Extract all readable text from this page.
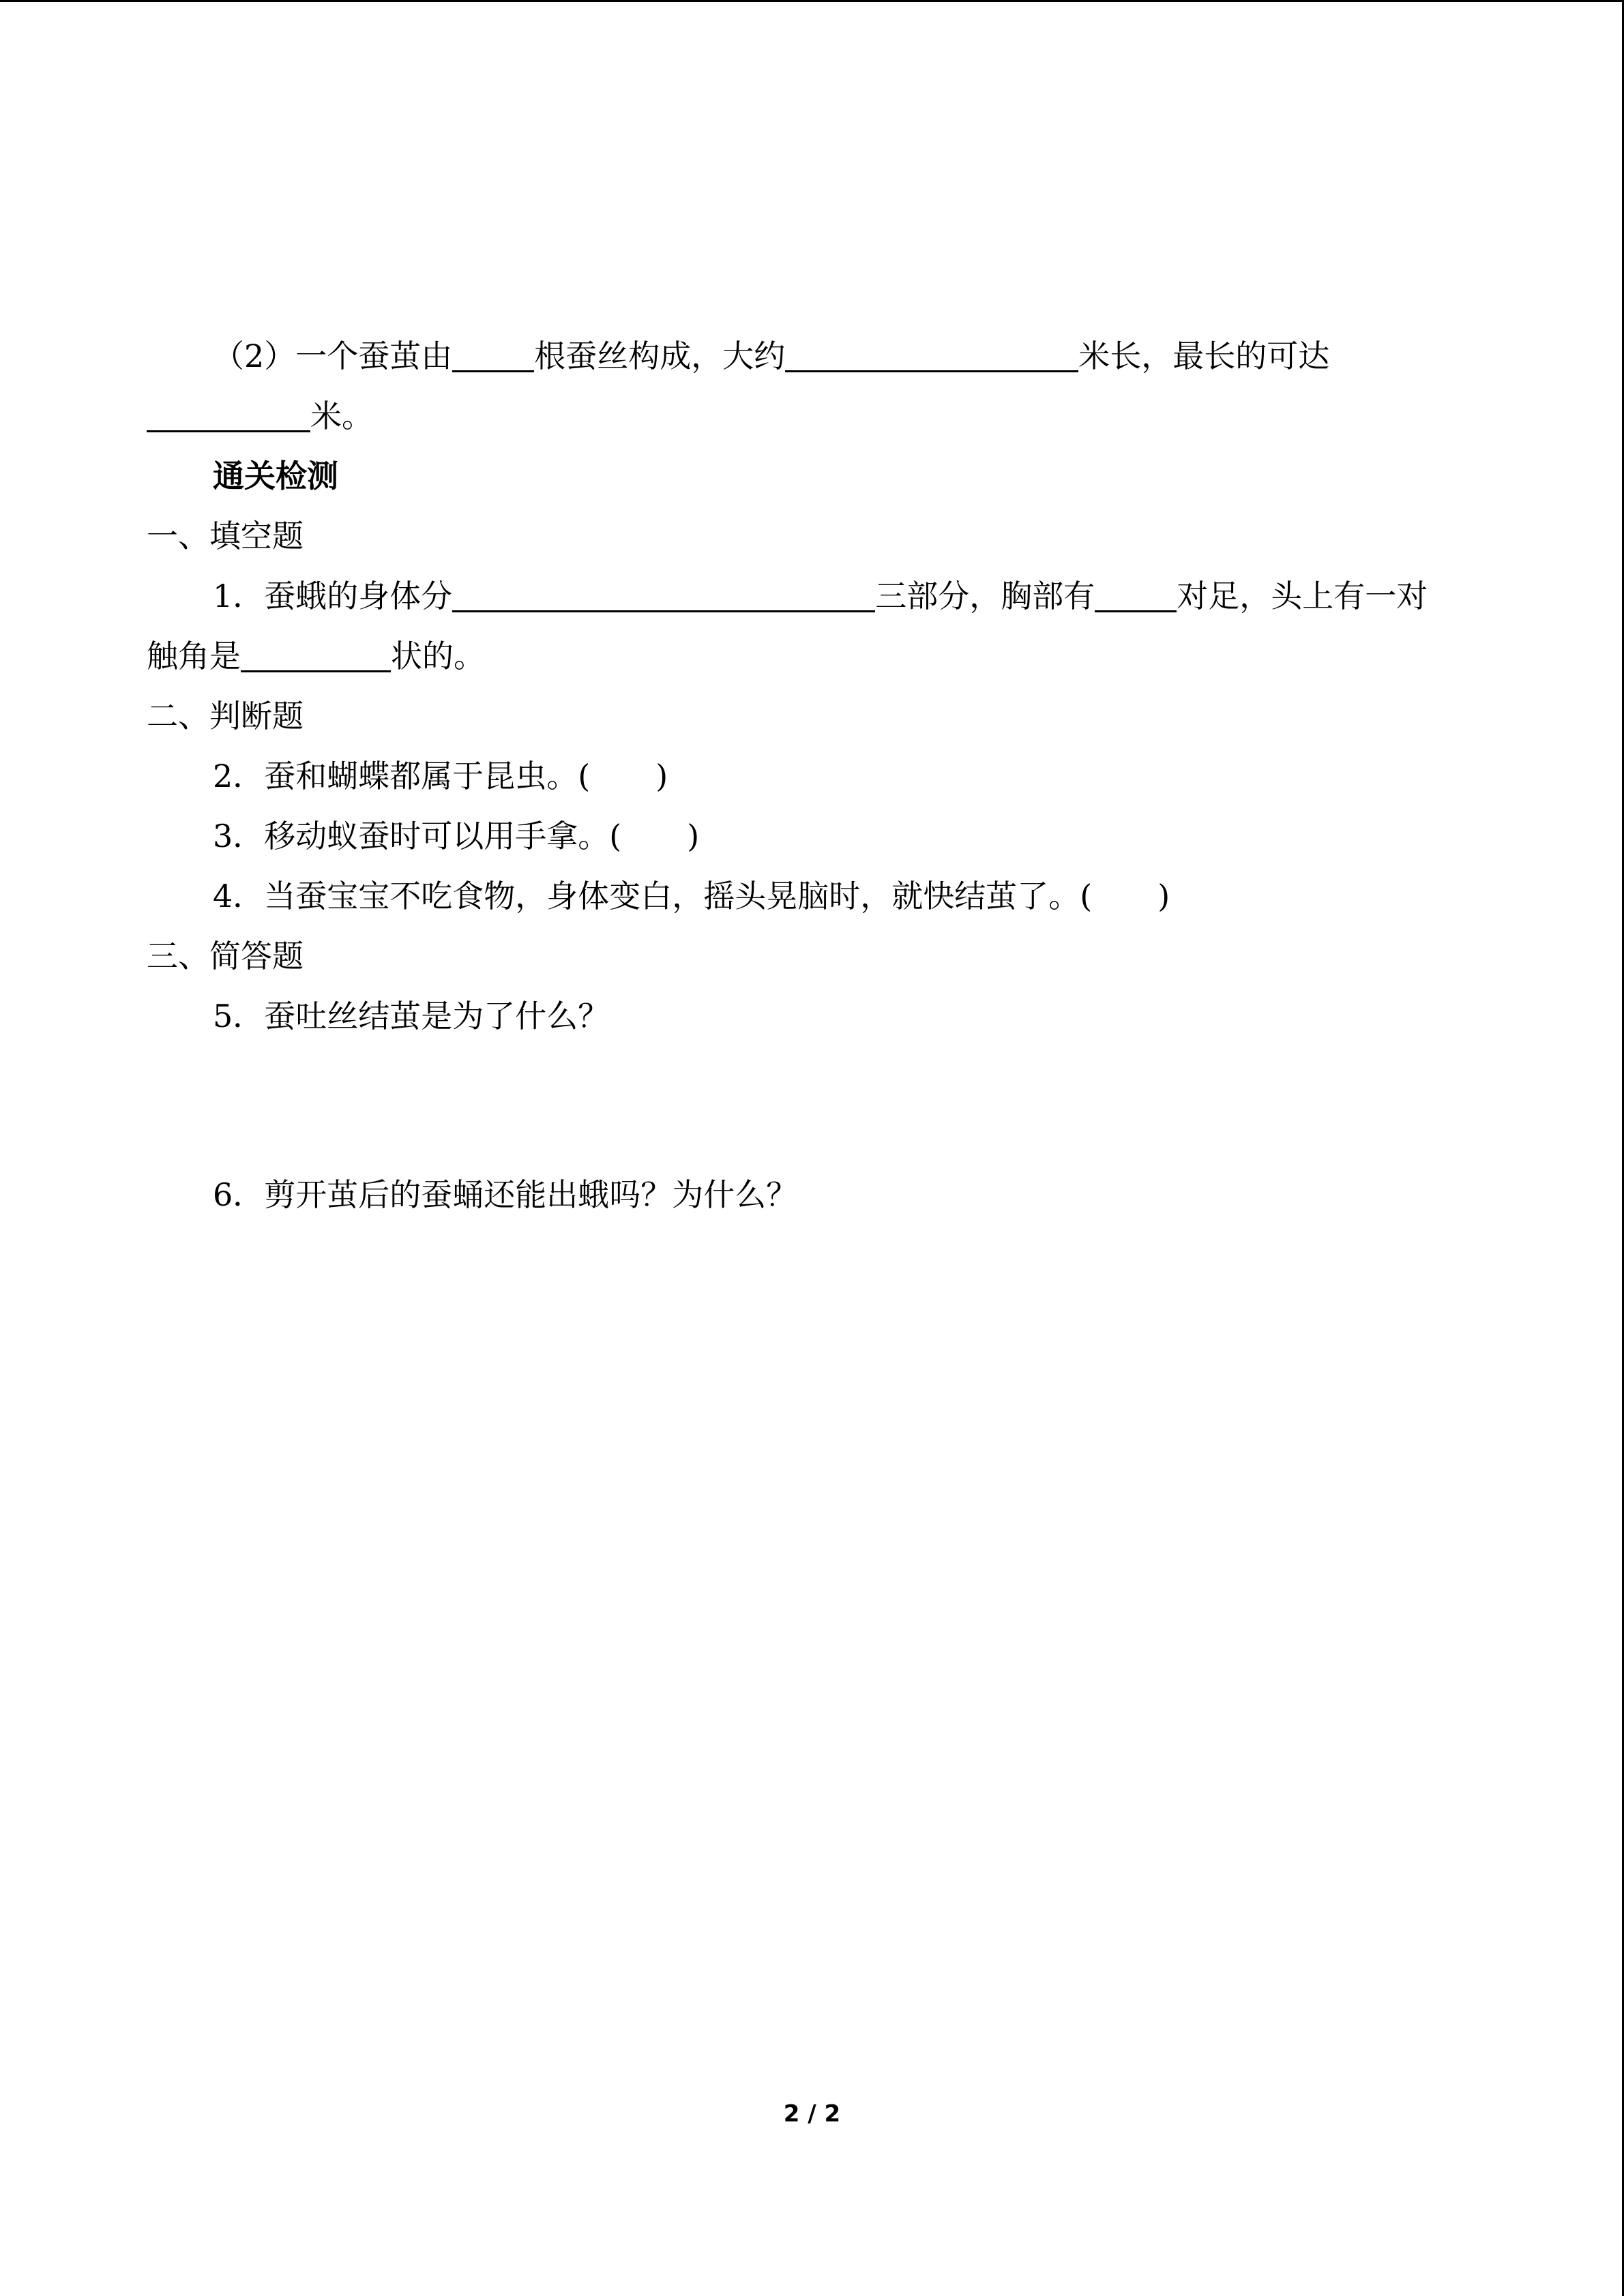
（2）一个蚕茧由	根蚕丝构成，大约	米长，最长的可达
米。
通关检测
一、填空题
1．蚕蛾的身体分	三部分，胸部有	对足，头上有一对
触角是	状的。
二、判断题
2．蚕和蝴蝶都属于昆虫。( )
3．移动蚁蚕时可以用手拿。( )
4．当蚕宝宝不吃食物，身体变白，摇头晃脑时，就快结茧了。( )
三、简答题
5．蚕吐丝结茧是为了什么？
6．剪开茧后的蚕蛹还能出蛾吗？为什么？
2 / 2
